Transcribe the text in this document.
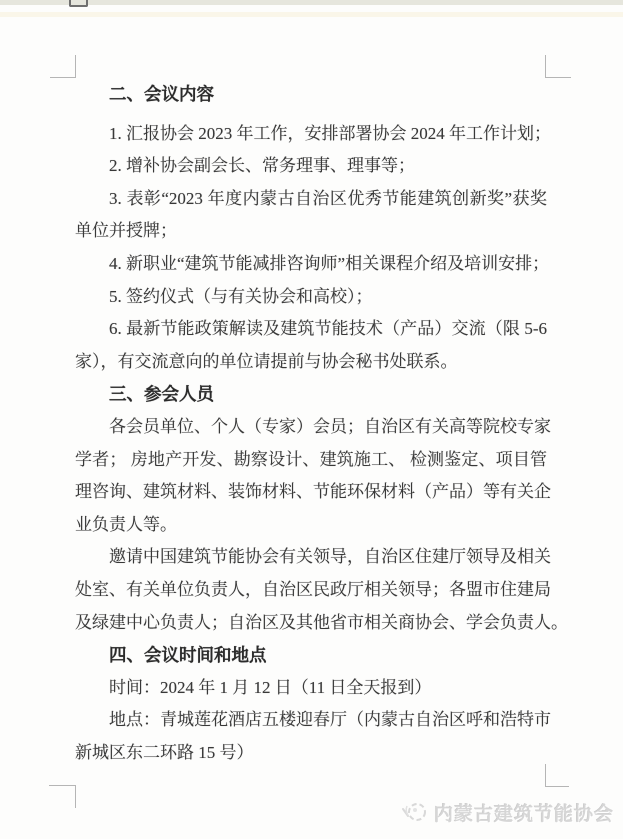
二、会议内容
1. 汇报协会 2023 年工作，安排部署协会 2024 年工作计划；
2. 增补协会副会长、常务理事、理事等；
3. 表彰“2023 年度内蒙古自治区优秀节能建筑创新奖”获奖
单位并授牌；
4. 新职业“建筑节能减排咨询师”相关课程介绍及培训安排；
5. 签约仪式（与有关协会和高校）；
6. 最新节能政策解读及建筑节能技术（产品）交流（限 5-6
家），有交流意向的单位请提前与协会秘书处联系。
三、参会人员
各会员单位、个人（专家）会员；自治区有关高等院校专家
学者； 房地产开发、勘察设计、建筑施工、 检测鉴定、项目管
理咨询、建筑材料、装饰材料、节能环保材料（产品）等有关企
业负责人等。
邀请中国建筑节能协会有关领导，自治区住建厅领导及相关
处室、有关单位负责人，自治区民政厅相关领导；各盟市住建局
及绿建中心负责人；自治区及其他省市相关商协会、学会负责人。
四、会议时间和地点
时间：2024 年 1 月 12 日（11 日全天报到）
地点：青城莲花酒店五楼迎春厅（内蒙古自治区呼和浩特市
新城区东二环路 15 号）
内蒙古建筑节能协会
